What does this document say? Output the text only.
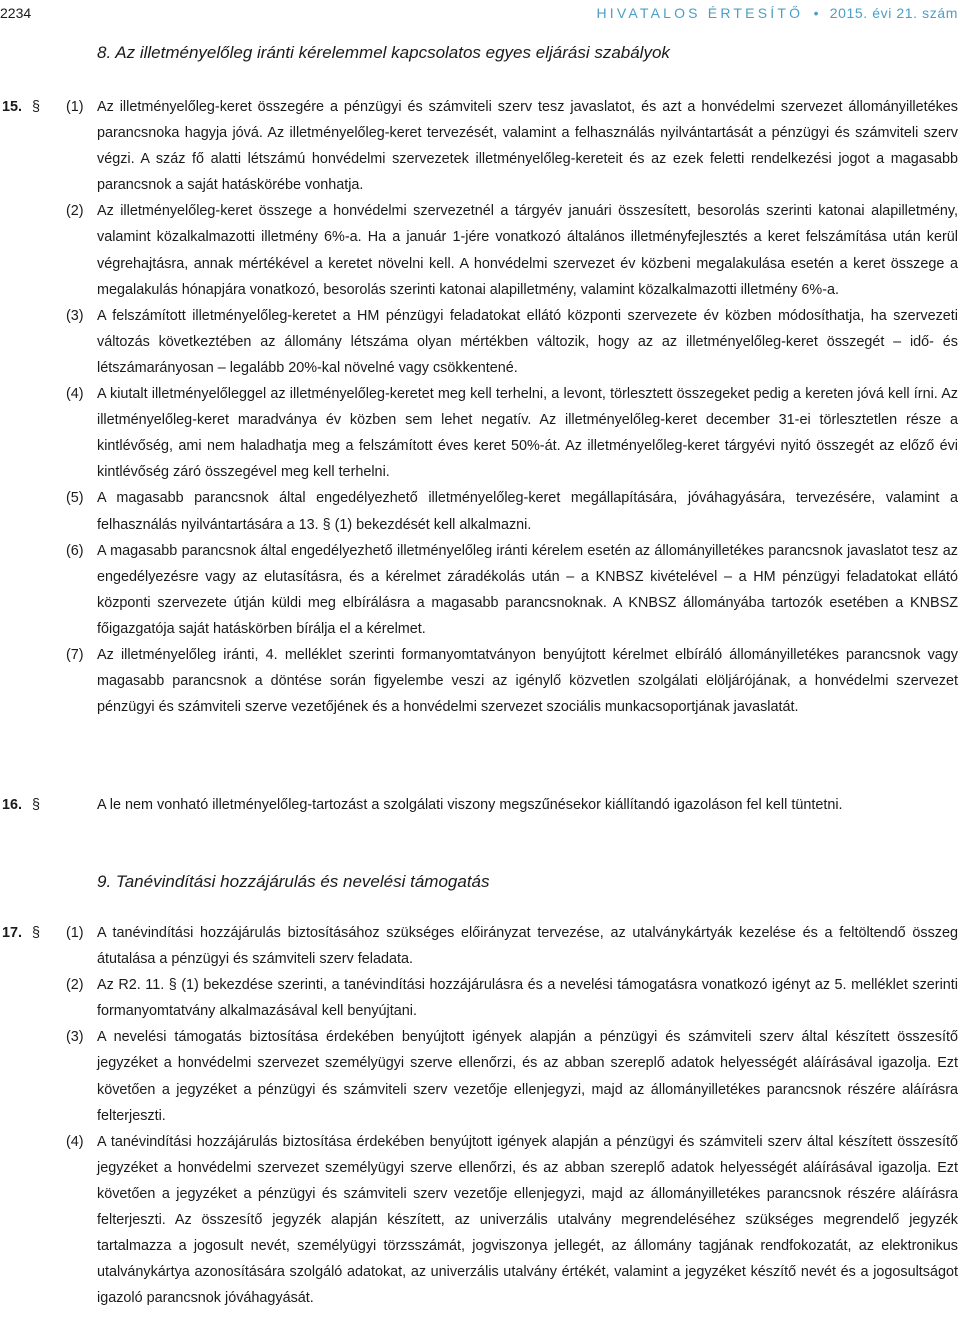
2234	HIVATALOS ÉRTESÍTŐ • 2015. évi 21. szám
8. Az illetményelőleg iránti kérelemmel kapcsolatos egyes eljárási szabályok
15. § (1) Az illetményelőleg-keret összegére a pénzügyi és számviteli szerv tesz javaslatot, és azt a honvédelmi szervezet állományilletékes parancsnoka hagyja jóvá. Az illetményelőleg-keret tervezését, valamint a felhasználás nyilvántartását a pénzügyi és számviteli szerv végzi. A száz fő alatti létszámú honvédelmi szervezetek illetményelőleg-kereteit és az ezek feletti rendelkezési jogot a magasabb parancsnok a saját hatáskörébe vonhatja.

(2) Az illetményelőleg-keret összege a honvédelmi szervezetnél a tárgyév januári összesített, besorolás szerinti katonai alapilletmény, valamint közalkalmazotti illetmény 6%-a. Ha a január 1-jére vonatkozó általános illetményfejlesztés a keret felszámítása után kerül végrehajtásra, annak mértékével a keretet növelni kell. A honvédelmi szervezet év közbeni megalakulása esetén a keret összege a megalakulás hónapjára vonatkozó, besorolás szerinti katonai alapilletmény, valamint közalkalmazotti illetmény 6%-a.

(3) A felszámított illetményelőleg-keretet a HM pénzügyi feladatokat ellátó központi szervezete év közben módosíthatja, ha szervezeti változás következtében az állomány létszáma olyan mértékben változik, hogy az az illetményelőleg-keret összegét – idő- és létszámarányosan – legalább 20%-kal növelné vagy csökkentené.

(4) A kiutalt illetményelőleggel az illetményelőleg-keretet meg kell terhelni, a levont, törlesztett összegeket pedig a kereten jóvá kell írni. Az illetményelőleg-keret maradványa év közben sem lehet negatív. Az illetményelőleg-keret december 31-ei törlesztetlen része a kintlévőség, ami nem haladhatja meg a felszámított éves keret 50%-át. Az illetményelőleg-keret tárgyévi nyitó összegét az előző évi kintlévőség záró összegével meg kell terhelni.

(5) A magasabb parancsnok által engedélyezhető illetményelőleg-keret megállapítására, jóváhagyására, tervezésére, valamint a felhasználás nyilvántartására a 13. § (1) bekezdését kell alkalmazni.

(6) A magasabb parancsnok által engedélyezhető illetményelőleg iránti kérelem esetén az állományilletékes parancsnok javaslatot tesz az engedélyezésre vagy az elutasításra, és a kérelmet záradékolás után – a KNBSZ kivételével – a HM pénzügyi feladatokat ellátó központi szervezete útján küldi meg elbírálásra a magasabb parancsnoknak. A KNBSZ állományába tartozók esetében a KNBSZ főigazgatója saját hatáskörben bírálja el a kérelmet.

(7) Az illetményelőleg iránti, 4. melléklet szerinti formanyomtatványon benyújtott kérelmet elbíráló állományilletékes parancsnok vagy magasabb parancsnok a döntése során figyelembe veszi az igénylő közvetlen szolgálati elöljárójának, a honvédelmi szervezet pénzügyi és számviteli szerve vezetőjének és a honvédelmi szervezet szociális munkacsoportjának javaslatát.

16. §	A le nem vonható illetményelőleg-tartozást a szolgálati viszony megszűnésekor kiállítandó igazoláson fel kell tüntetni.

9. Tanévindítási hozzájárulás és nevelési támogatás
17. § (1) A tanévindítási hozzájárulás biztosításához szükséges előirányzat tervezése, az utalványkártyák kezelése és a feltöltendő összeg átutalása a pénzügyi és számviteli szerv feladata.

(2) Az R2. 11. § (1) bekezdése szerinti, a tanévindítási hozzájárulásra és a nevelési támogatásra vonatkozó igényt az 5. melléklet szerinti formanyomtatvány alkalmazásával kell benyújtani.

(3) A nevelési támogatás biztosítása érdekében benyújtott igények alapján a pénzügyi és számviteli szerv által készített összesítő jegyzéket a honvédelmi szervezet személyügyi szerve ellenőrzi, és az abban szereplő adatok helyességét aláírásával igazolja. Ezt követően a jegyzéket a pénzügyi és számviteli szerv vezetője ellenjegyzi, majd az állományilletékes parancsnok részére aláírásra felterjeszti.

(4) A tanévindítási hozzájárulás biztosítása érdekében benyújtott igények alapján a pénzügyi és számviteli szerv által készített összesítő jegyzéket a honvédelmi szervezet személyügyi szerve ellenőrzi, és az abban szereplő adatok helyességét aláírásával igazolja. Ezt követően a jegyzéket a pénzügyi és számviteli szerv vezetője ellenjegyzi, majd az állományilletékes parancsnok részére aláírásra felterjeszti. Az összesítő jegyzék alapján készített, az univerzális utalvány megrendeléséhez szükséges megrendelő jegyzék tartalmazza a jogosult nevét, személyügyi törzsszámát, jogviszonya jellegét, az állomány tagjának rendfokozatát, az elektronikus utalványkártya azonosítására szolgáló adatokat, az univerzális utalvány értékét, valamint a jegyzéket készítő nevét és a jogosultságot igazoló parancsnok jóváhagyását.
